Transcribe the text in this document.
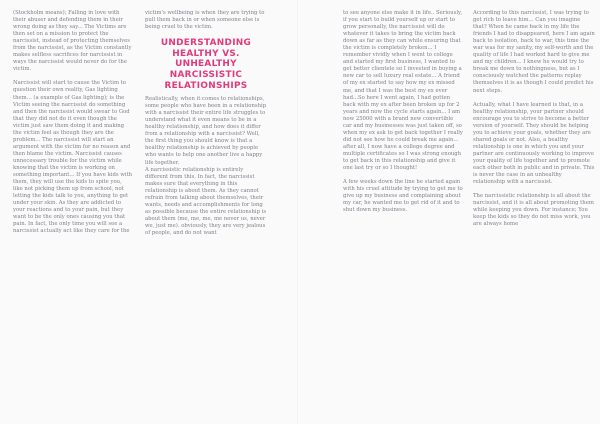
(Stockholm means); Falling in love with their abuser and defending them in their wrong doing as they say... The Victims are then set on a mission to protect the narcissist, instead of protecting themselves from the narcissist, as the Victim constantly makes selfless sacrifices for narcissist in ways the narcissist would never do for the victim.

Narcissist will start to cause the Victim to question their own reality, Gas lighting them... (a example of Gas lighting); is the Victim seeing the narcissist do something and then the narcissist would swear to God that they did not do it even though the victim just saw them doing it and making the victim feel as though they are the problem... The narcissist will start an argument with the victim for no reason and then blame the victim. Narcissist causes unnecessary trouble for the victim while knowing that the victim is working on something important... If you have kids with them, they will use the kids to spite you, like not picking them up from school, not letting the kids talk to you, anything to get under your skin. As they are addicted to your reactions and to your pain, but they want to be the only ones causing you that pain. In fact, the only time you will see a narcissist actually act like they care for the

victim's wellbeing is when they are trying to pull them back in or when someone else is being cruel to the victim.

UNDERSTANDING HEALTHY VS. UNHEALTHY NARCISSISTIC RELATIONSHIPS

Realistically, when it comes to relationships, some people who have been in a relationship with a narcissist their entire life struggles to understand what it even means to be in a healthy relationship, and how does it differ from a relationship with a narcissist? Well, the first thing you should know is that a healthy relationship is achieved by people who wants to help one another live a happy life together.

A narcissistic relationship is entirely different from this. In fact, the narcissist makes sure that everything in this relationship is about them. As they cannot refrain from talking about themselves, their wants, needs and accomplishments for long as possible because the entire relationship is about them (me, me, me, me never us, never we, just me). obviously, they are very jealous of people, and do not want

to see anyone else make it in life.. Seriously, if you start to build yourself up or start to grow personally, the narcissist will do whatever it takes to bring the victim back down as far as they can while ensuring that the victim is completely broken... I remember vividly when I went to college and started my first business, I wanted to get better clientele so I invested in buying a new car to sell luxury real estate... A friend of my ex started to say how my ex missed me, and that I was the best my ex ever had...So here I went again, I had gotten back with my ex after been broken up for 2 years and now the cycle starts again... I am now 25000 with a brand new convertible car and my businesses was just taken off, so when my ex ask to get back together I really did not see how he could break me again... after all, I now have a college degree and multiple certificates so I was strong enough to get back in this relationship and give it one last try or so I thought!

A few weeks down the line he started again with his cruel attitude by trying to get me to give up my business and complaining about my car, he wanted me to get rid of it and to shut down my business.

According to this narcissist, I was trying to get rich to leave him... Can you imagine that? When he came back in my life the friends I had to disappeared, here I am again back to isolation, back to war, this time the war was for my sanity, my self-worth and the quality of life I had worked hard to give me and my children... I knew he would try to break me down to nothingness, but as I consciously watched the patterns replay themselves it is as though I could predict his next steps.

Actually, what I have learned is that, in a healthy relationship, your partner should encourage you to strive to become a better version of yourself. They should be helping you to achieve your goals, whether they are shared goals or not. Also, a healthy relationship is one in which you and your partner are continuously working to improve your quality of life together and to promote each other both in public and in private. This is never the case in an unhealthy relationship with a narcissist.

The narcissistic relationship is all about the narcissist, and it is all about promoting them while keeping you down. For instance; You keep the kids so they do not miss work, you are always home
